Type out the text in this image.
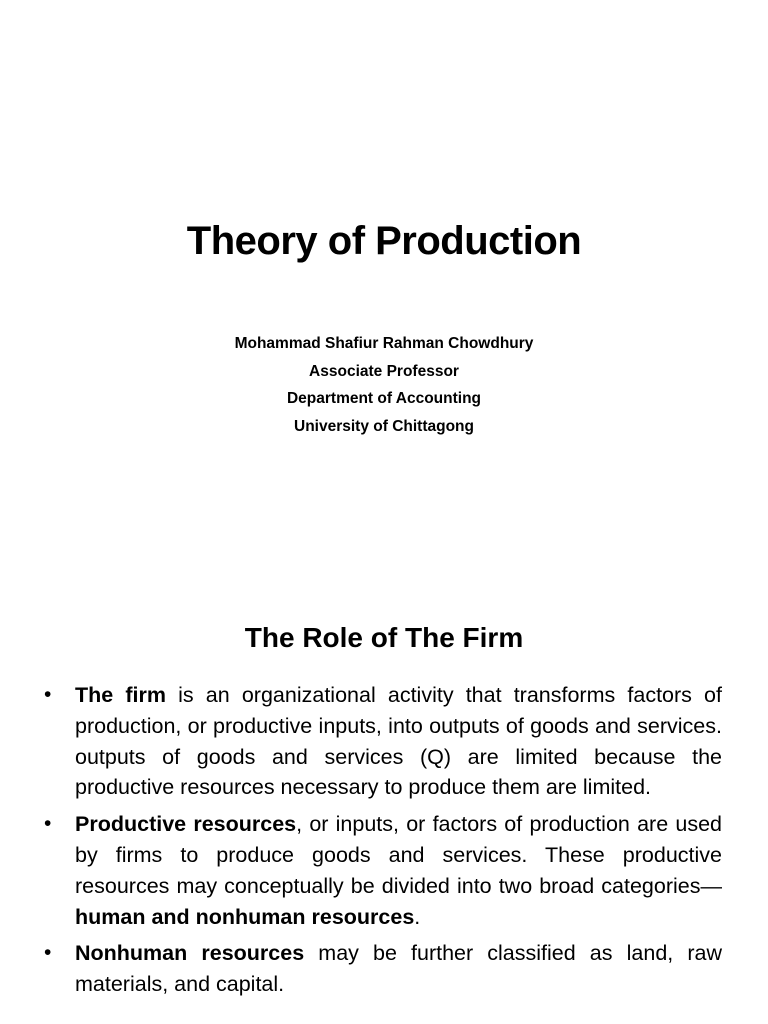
Theory of Production
Mohammad Shafiur Rahman Chowdhury
Associate Professor
Department of Accounting
University of Chittagong
The Role of The Firm
• The firm is an organizational activity that transforms factors of production, or productive inputs, into outputs of goods and services. outputs of goods and services (Q) are limited because the productive resources necessary to produce them are limited.
• Productive resources, or inputs, or factors of production are used by firms to produce goods and services. These productive resources may conceptually be divided into two broad categories—human and nonhuman resources.
• Nonhuman resources may be further classified as land, raw materials, and capital.
